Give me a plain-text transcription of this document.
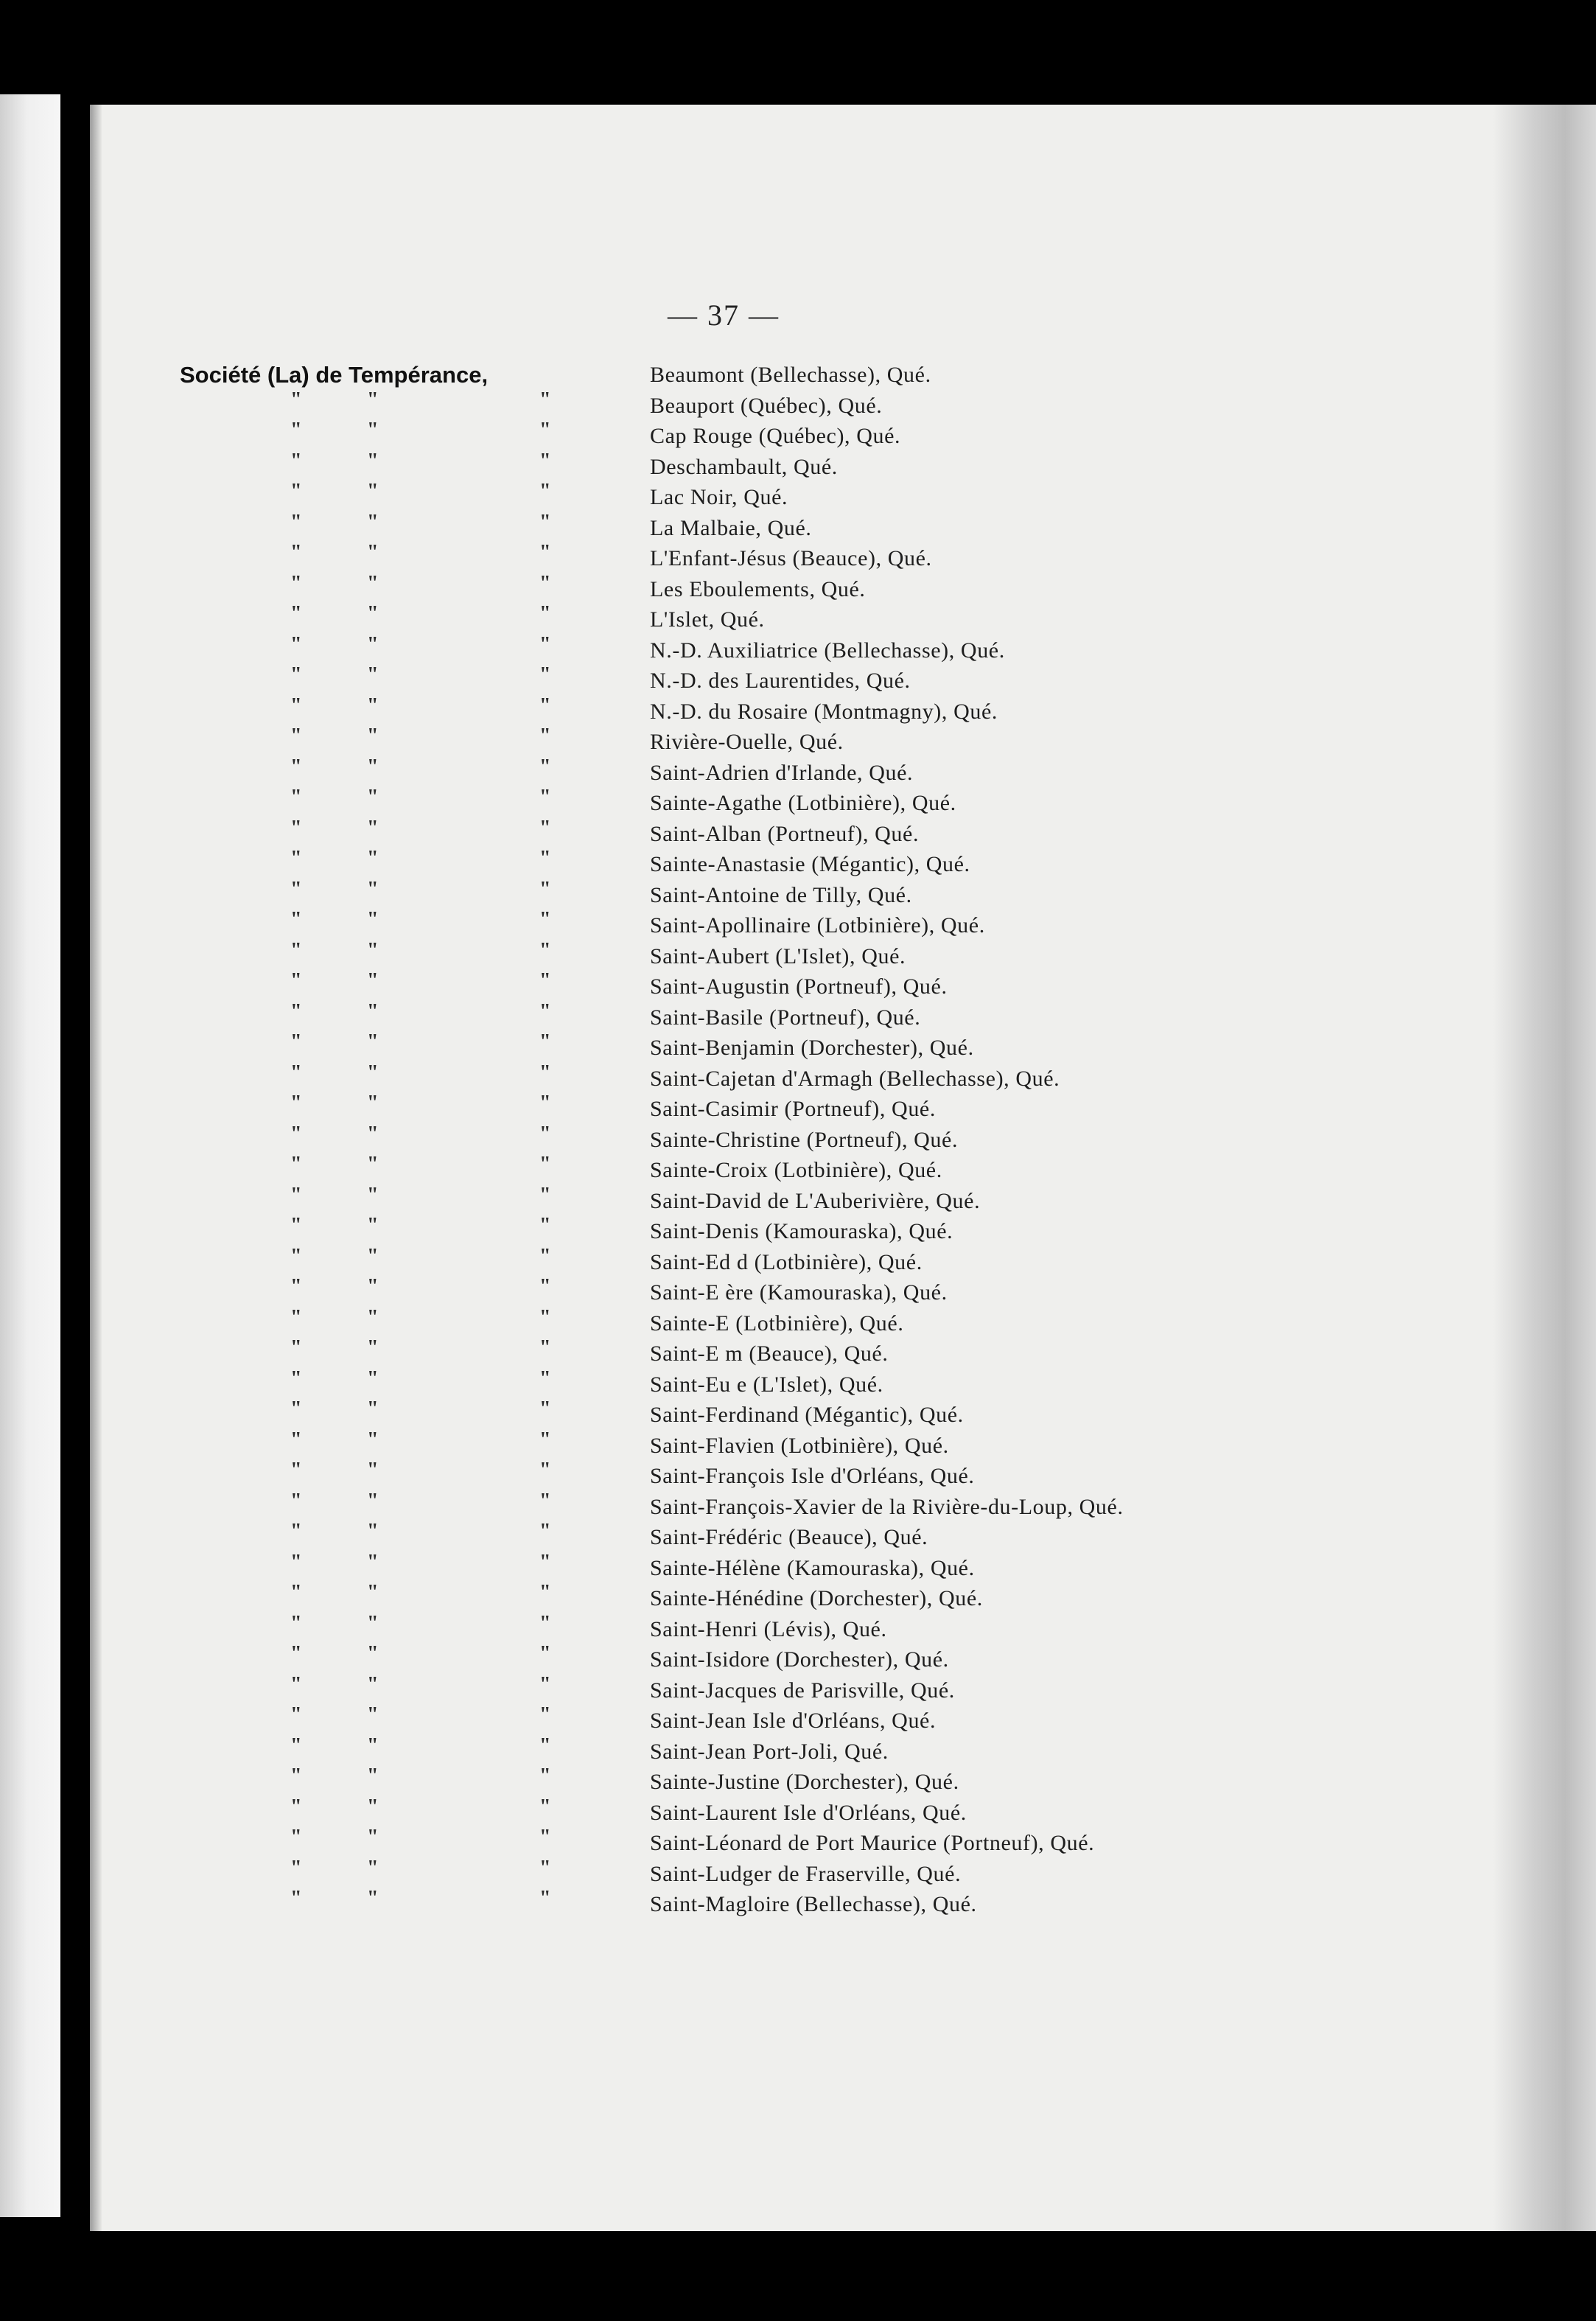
— 37 —
Société (La) de Tempérance,	Beaumont (Bellechasse), Qué.
"	"	"	Beauport (Québec), Qué.
"	"	"	Cap Rouge (Québec), Qué.
"	"	"	Deschambault, Qué.
"	"	"	Lac Noir, Qué.
"	"	"	La Malbaie, Qué.
"	"	"	L'Enfant-Jésus (Beauce), Qué.
"	"	"	Les Eboulements, Qué.
"	"	"	L'Islet, Qué.
"	"	"	N.-D. Auxiliatrice (Bellechasse), Qué.
"	"	"	N.-D. des Laurentides, Qué.
"	"	"	N.-D. du Rosaire (Montmagny), Qué.
"	"	"	Rivière-Ouelle, Qué.
"	"	"	Saint-Adrien d'Irlande, Qué.
"	"	"	Sainte-Agathe (Lotbinière), Qué.
"	"	"	Saint-Alban (Portneuf), Qué.
"	"	"	Sainte-Anastasie (Mégantic), Qué.
"	"	"	Saint-Antoine de Tilly, Qué.
"	"	"	Saint-Apollinaire (Lotbinière), Qué.
"	"	"	Saint-Aubert (L'Islet), Qué.
"	"	"	Saint-Augustin (Portneuf), Qué.
"	"	"	Saint-Basile (Portneuf), Qué.
"	"	"	Saint-Benjamin (Dorchester), Qué.
"	"	"	Saint-Cajetan d'Armagh (Bellechasse), Qué.
"	"	"	Saint-Casimir (Portneuf), Qué.
"	"	"	Sainte-Christine (Portneuf), Qué.
"	"	"	Sainte-Croix (Lotbinière), Qué.
"	"	"	Saint-David de L'Auberivière, Qué.
"	"	"	Saint-Denis (Kamouraska), Qué.
"	"	"	Saint-Ed d (Lotbinière), Qué.
"	"	"	Saint-E ère (Kamouraska), Qué.
"	"	"	Sainte-E (Lotbinière), Qué.
"	"	"	Saint-E m (Beauce), Qué.
"	"	"	Saint-Eu e (L'Islet), Qué.
"	"	"	Saint-Ferdinand (Mégantic), Qué.
"	"	"	Saint-Flavien (Lotbinière), Qué.
"	"	"	Saint-François Isle d'Orléans, Qué.
"	"	"	Saint-François-Xavier de la Rivière-du-Loup, Qué.
"	"	"	Saint-Frédéric (Beauce), Qué.
"	"	"	Sainte-Hélène (Kamouraska), Qué.
"	"	"	Sainte-Hénédine (Dorchester), Qué.
"	"	"	Saint-Henri (Lévis), Qué.
"	"	"	Saint-Isidore (Dorchester), Qué.
"	"	"	Saint-Jacques de Parisville, Qué.
"	"	"	Saint-Jean Isle d'Orléans, Qué.
"	"	"	Saint-Jean Port-Joli, Qué.
"	"	"	Sainte-Justine (Dorchester), Qué.
"	"	"	Saint-Laurent Isle d'Orléans, Qué.
"	"	"	Saint-Léonard de Port Maurice (Portneuf), Qué.
"	"	"	Saint-Ludger de Fraserville, Qué.
"	"	"	Saint-Magloire (Bellechasse), Qué.
